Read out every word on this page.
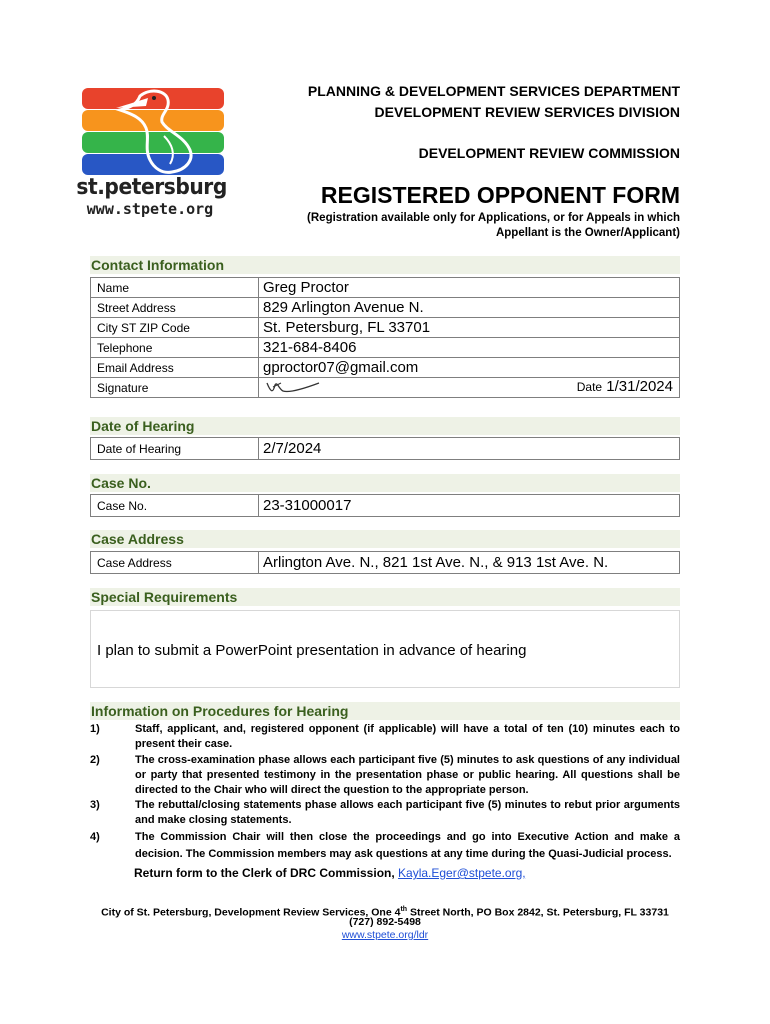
st.petersburg
www.stpete.org
PLANNING & DEVELOPMENT SERVICES DEPARTMENT
DEVELOPMENT REVIEW SERVICES DIVISION
DEVELOPMENT REVIEW COMMISSION
REGISTERED OPPONENT FORM
(Registration available only for Applications, or for Appeals in which
Appellant is the Owner/Applicant)
Contact Information
Name	Greg Proctor
Street Address	829 Arlington Avenue N.
City ST ZIP Code	St. Petersburg, FL 33701
Telephone	321-684-8406
Email Address	gproctor07@gmail.com
Signature	Date 1/31/2024
Date of Hearing
Date of Hearing	2/7/2024
Case No.
Case No.	23-31000017
Case Address
Case Address	Arlington Ave. N., 821 1st Ave. N., & 913 1st Ave. N.
Special Requirements
I plan to submit a PowerPoint presentation in advance of hearing
Information on Procedures for Hearing
1)	Staff, applicant, and, registered opponent (if applicable) will have a total of ten (10) minutes each to present their case.
2)	The cross-examination phase allows each participant five (5) minutes to ask questions of any individual or party that presented testimony in the presentation phase or public hearing. All questions shall be directed to the Chair who will direct the question to the appropriate person.
3)	The rebuttal/closing statements phase allows each participant five (5) minutes to rebut prior arguments and make closing statements.
4)	The Commission Chair will then close the proceedings and go into Executive Action and make a decision. The Commission members may ask questions at any time during the Quasi-Judicial process.
Return form to the Clerk of DRC Commission, Kayla.Eger@stpete.org,
City of St. Petersburg, Development Review Services, One 4th Street North, PO Box 2842, St. Petersburg, FL 33731
(727) 892-5498
www.stpete.org/ldr
